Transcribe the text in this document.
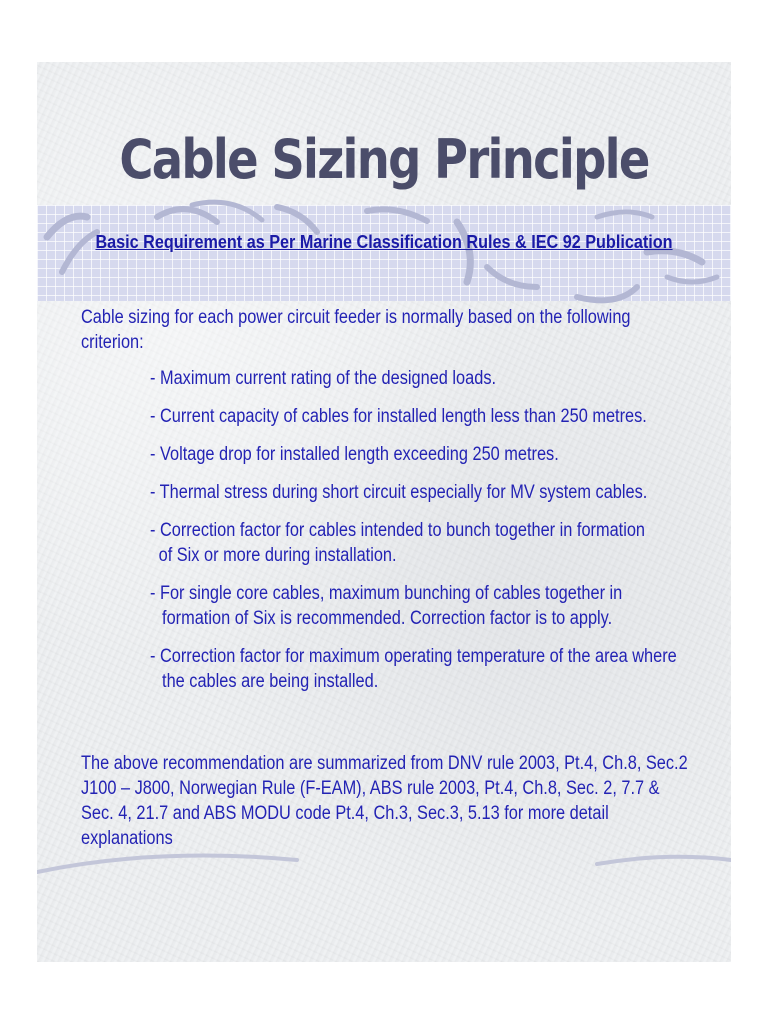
Cable Sizing Principle
Basic Requirement as Per Marine Classification Rules & IEC 92 Publication

Cable sizing for each power circuit feeder is normally based on the following

criterion:

- Maximum current rating of the designed loads.

- Current capacity of cables for installed length less than 250 metres.

- Voltage drop for installed length exceeding 250 metres.

- Thermal stress during short circuit especially for MV system cables.

- Correction factor for cables intended to bunch together in formation
of Six or more during installation.

- For single core cables, maximum bunching of cables together in
formation of Six is recommended. Correction factor is to apply.

- Correction factor for maximum operating temperature of the area where
the cables are being installed.

The above recommendation are summarized from DNV rule 2003, Pt.4, Ch.8, Sec.2
J100 – J800, Norwegian Rule (F-EAM), ABS rule 2003, Pt.4, Ch.8, Sec. 2, 7.7 &
Sec. 4, 21.7 and ABS MODU code Pt.4, Ch.3, Sec.3, 5.13 for more detail
explanations
